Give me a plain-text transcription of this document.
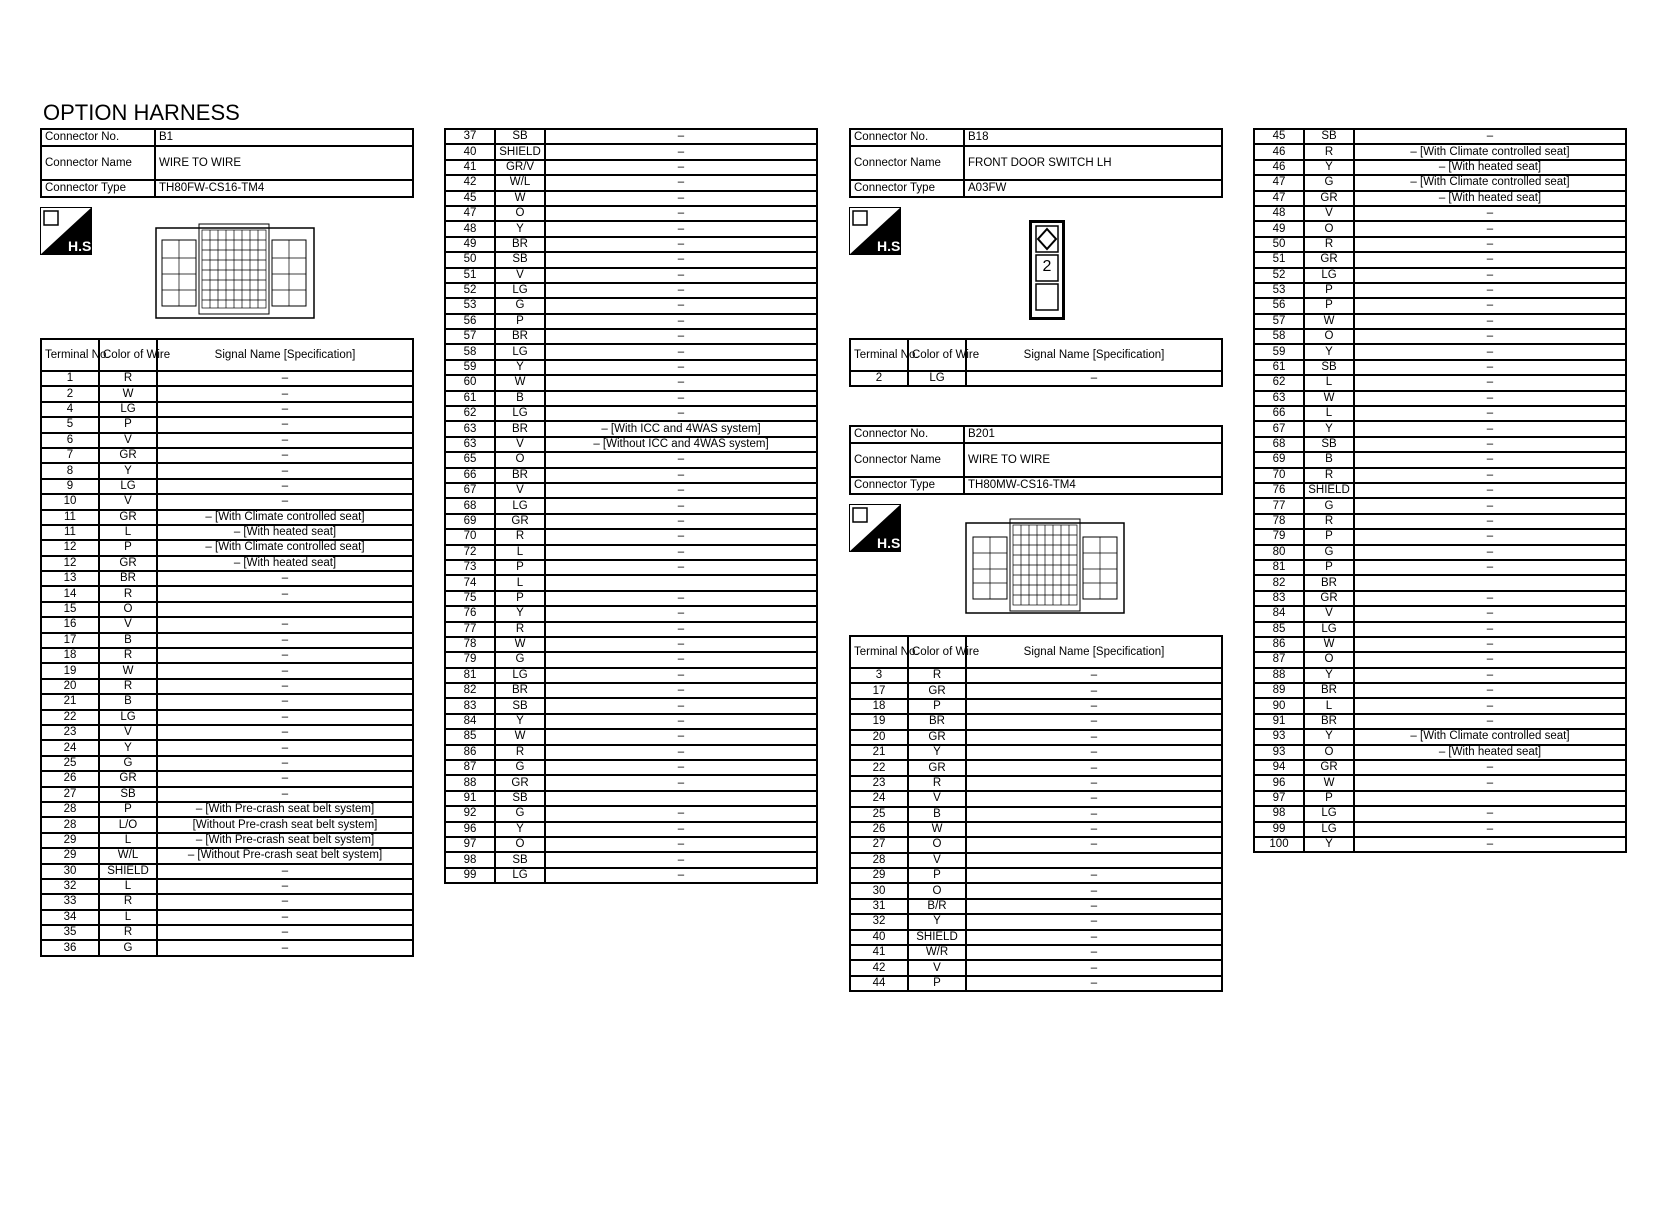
OPTION HARNESS
Connector No.	B1
Connector Name	WIRE TO WIRE
Connector Type	TH80FW-CS16-TM4
H.S.
Terminal No.	Color of Wire	Signal Name [Specification]
1	R	–
2	W	–
4	LG	–
5	P	–
6	V	–
7	GR	–
8	Y	–
9	LG	–
10	V	–
11	GR	– [With Climate controlled seat]
11	L	– [With heated seat]
12	P	– [With Climate controlled seat]
12	GR	– [With heated seat]
13	BR	–
14	R	–
15	O	
16	V	–
17	B	–
18	R	–
19	W	–
20	R	–
21	B	–
22	LG	–
23	V	–
24	Y	–
25	G	–
26	GR	–
27	SB	–
28	P	– [With Pre-crash seat belt system]
28	L/O	[Without Pre-crash seat belt system]
29	L	– [With Pre-crash seat belt system]
29	W/L	– [Without Pre-crash seat belt system]
30	SHIELD	–
32	L	–
33	R	–
34	L	–
35	R	–
36	G	–
37	SB	–
40	SHIELD	–
41	GR/V	–
42	W/L	–
45	W	–
47	O	–
48	Y	–
49	BR	–
50	SB	–
51	V	–
52	LG	–
53	G	–
56	P	–
57	BR	–
58	LG	–
59	Y	–
60	W	–
61	B	–
62	LG	–
63	BR	– [With ICC and 4WAS system]
63	V	– [Without ICC and 4WAS system]
65	O	–
66	BR	–
67	V	–
68	LG	–
69	GR	–
70	R	–
72	L	–
73	P	–
74	L	
75	P	–
76	Y	–
77	R	–
78	W	–
79	G	–
81	LG	–
82	BR	–
83	SB	–
84	Y	–
85	W	–
86	R	–
87	G	–
88	GR	–
91	SB	
92	G	–
96	Y	–
97	O	–
98	SB	–
99	LG	–
Connector No.	B18
Connector Name	FRONT DOOR SWITCH LH
Connector Type	A03FW
H.S.
2
Terminal No.	Color of Wire	Signal Name [Specification]
2	LG	–
Connector No.	B201
Connector Name	WIRE TO WIRE
Connector Type	TH80MW-CS16-TM4
H.S.
Terminal No.	Color of Wire	Signal Name [Specification]
3	R	–
17	GR	–
18	P	–
19	BR	–
20	GR	–
21	Y	–
22	GR	–
23	R	–
24	V	–
25	B	–
26	W	–
27	O	–
28	V	
29	P	–
30	O	–
31	B/R	–
32	Y	–
40	SHIELD	–
41	W/R	–
42	V	–
44	P	–
45	SB	–
46	R	– [With Climate controlled seat]
46	Y	– [With heated seat]
47	G	– [With Climate controlled seat]
47	GR	– [With heated seat]
48	V	–
49	O	–
50	R	–
51	GR	–
52	LG	–
53	P	–
56	P	–
57	W	–
58	O	–
59	Y	–
61	SB	–
62	L	–
63	W	–
66	L	–
67	Y	–
68	SB	–
69	B	–
70	R	–
76	SHIELD	–
77	G	–
78	R	–
79	P	–
80	G	–
81	P	–
82	BR	
83	GR	–
84	V	–
85	LG	–
86	W	–
87	O	–
88	Y	–
89	BR	–
90	L	–
91	BR	–
93	Y	– [With Climate controlled seat]
93	O	– [With heated seat]
94	GR	–
96	W	–
97	P	
98	LG	–
99	LG	–
100	Y	–
